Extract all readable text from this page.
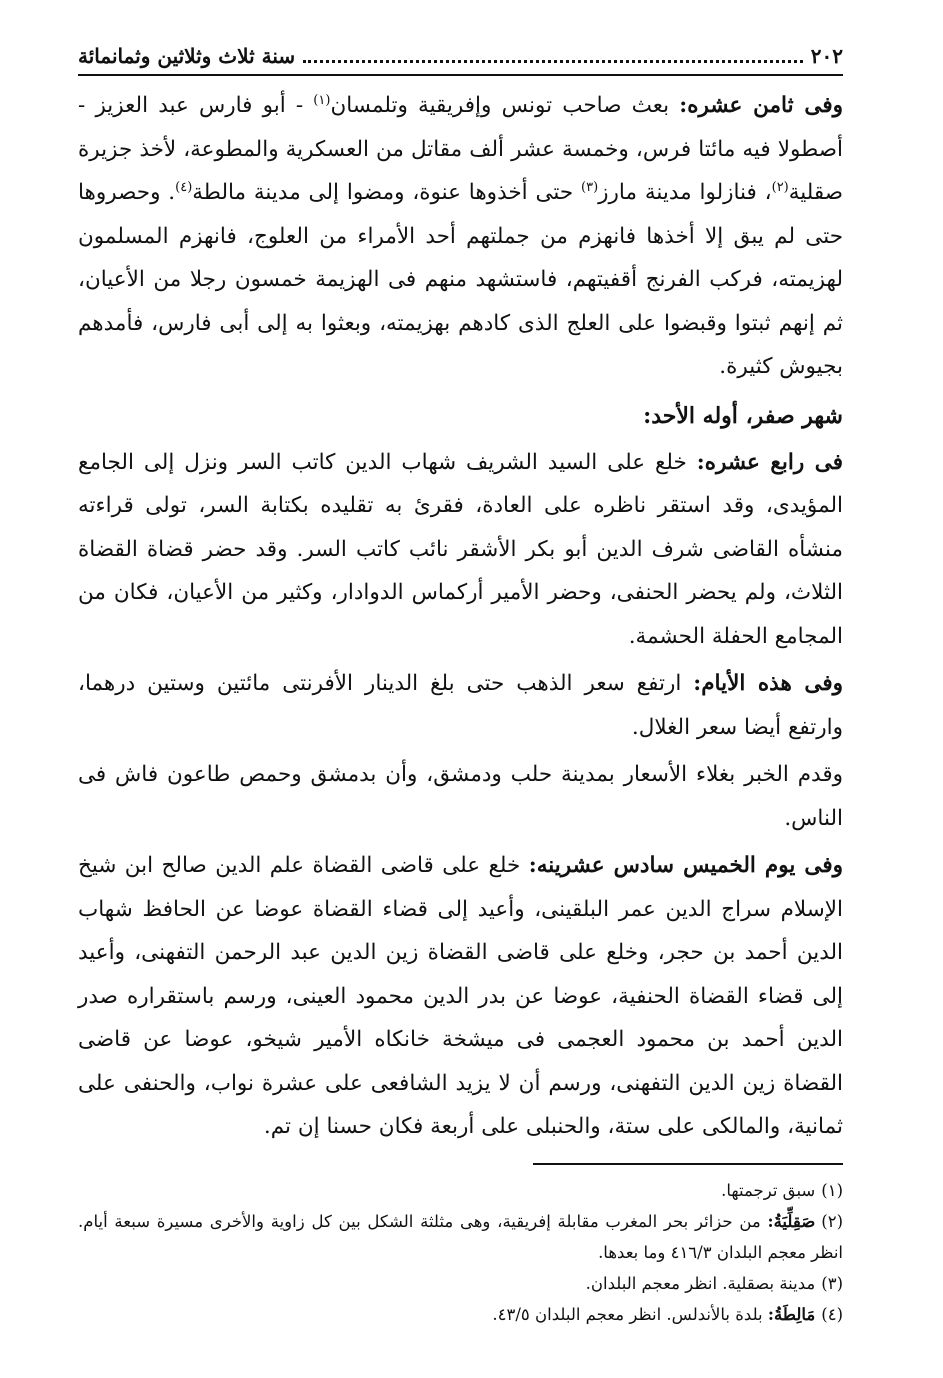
٢٠٢
سنة ثلاث وثلاثين وثمانمائة

وفى ثامن عشره: بعث صاحب تونس وإفريقية وتلمسان$^{(١)}$ - أبو فارس عبد العزيز - أصطولا فيه مائتا فرس، وخمسة عشر ألف مقاتل من العسكرية والمطوعة، لأخذ جزيرة صقلية$^{(٢)}$، فنازلوا مدينة مارز$^{(٣)}$ حتى أخذوها عنوة، ومضوا إلى مدينة مالطة$^{(٤)}$. وحصروها حتى لم يبق إلا أخذها فانهزم من جملتهم أحد الأمراء من العلوج، فانهزم المسلمون لهزيمته، فركب الفرنج أقفيتهم، فاستشهد منهم فى الهزيمة خمسون رجلا من الأعيان، ثم إنهم ثبتوا وقبضوا على العلج الذى كادهم بهزيمته، وبعثوا به إلى أبى فارس، فأمدهم بجيوش كثيرة.

شهر صفر، أوله الأحد:

فى رابع عشره: خلع على السيد الشريف شهاب الدين كاتب السر ونزل إلى الجامع المؤيدى، وقد استقر ناظره على العادة، فقرئ به تقليده بكتابة السر، تولى قراءته منشأه القاضى شرف الدين أبو بكر الأشقر نائب كاتب السر. وقد حضر قضاة القضاة الثلاث، ولم يحضر الحنفى، وحضر الأمير أركماس الدوادار، وكثير من الأعيان، فكان من المجامع الحفلة الحشمة.

وفى هذه الأيام: ارتفع سعر الذهب حتى بلغ الدينار الأفرنتى مائتين وستين درهما، وارتفع أيضا سعر الغلال.

وقدم الخبر بغلاء الأسعار بمدينة حلب ودمشق، وأن بدمشق وحمص طاعون فاش فى الناس.

وفى يوم الخميس سادس عشرينه: خلع على قاضى القضاة علم الدين صالح ابن شيخ الإسلام سراج الدين عمر البلقينى، وأعيد إلى قضاء القضاة عوضا عن الحافظ شهاب الدين أحمد بن حجر، وخلع على قاضى القضاة زين الدين عبد الرحمن التفهنى، وأعيد إلى قضاء القضاة الحنفية، عوضا عن بدر الدين محمود العينى، ورسم باستقراره صدر الدين أحمد بن محمود العجمى فى ميشخة خانكاه الأمير شيخو، عوضا عن قاضى القضاة زين الدين التفهنى، ورسم أن لا يزيد الشافعى على عشرة نواب، والحنفى على ثمانية، والمالكى على ستة، والحنبلى على أربعة فكان حسنا إن تم.

(١)سبق ترجمتها.

(٢)صَقِلِّيَةُ: من حزائر بحر المغرب مقابلة إفريقية، وهى مثلثة الشكل بين كل زاوية والأخرى مسيرة سبعة أيام. انظر معجم البلدان ٤١٦/٣ وما بعدها.

(٣)مدينة بصقلية. انظر معجم البلدان.

(٤)مَالِطَةُ: بلدة بالأندلس. انظر معجم البلدان ٤٣/٥.
